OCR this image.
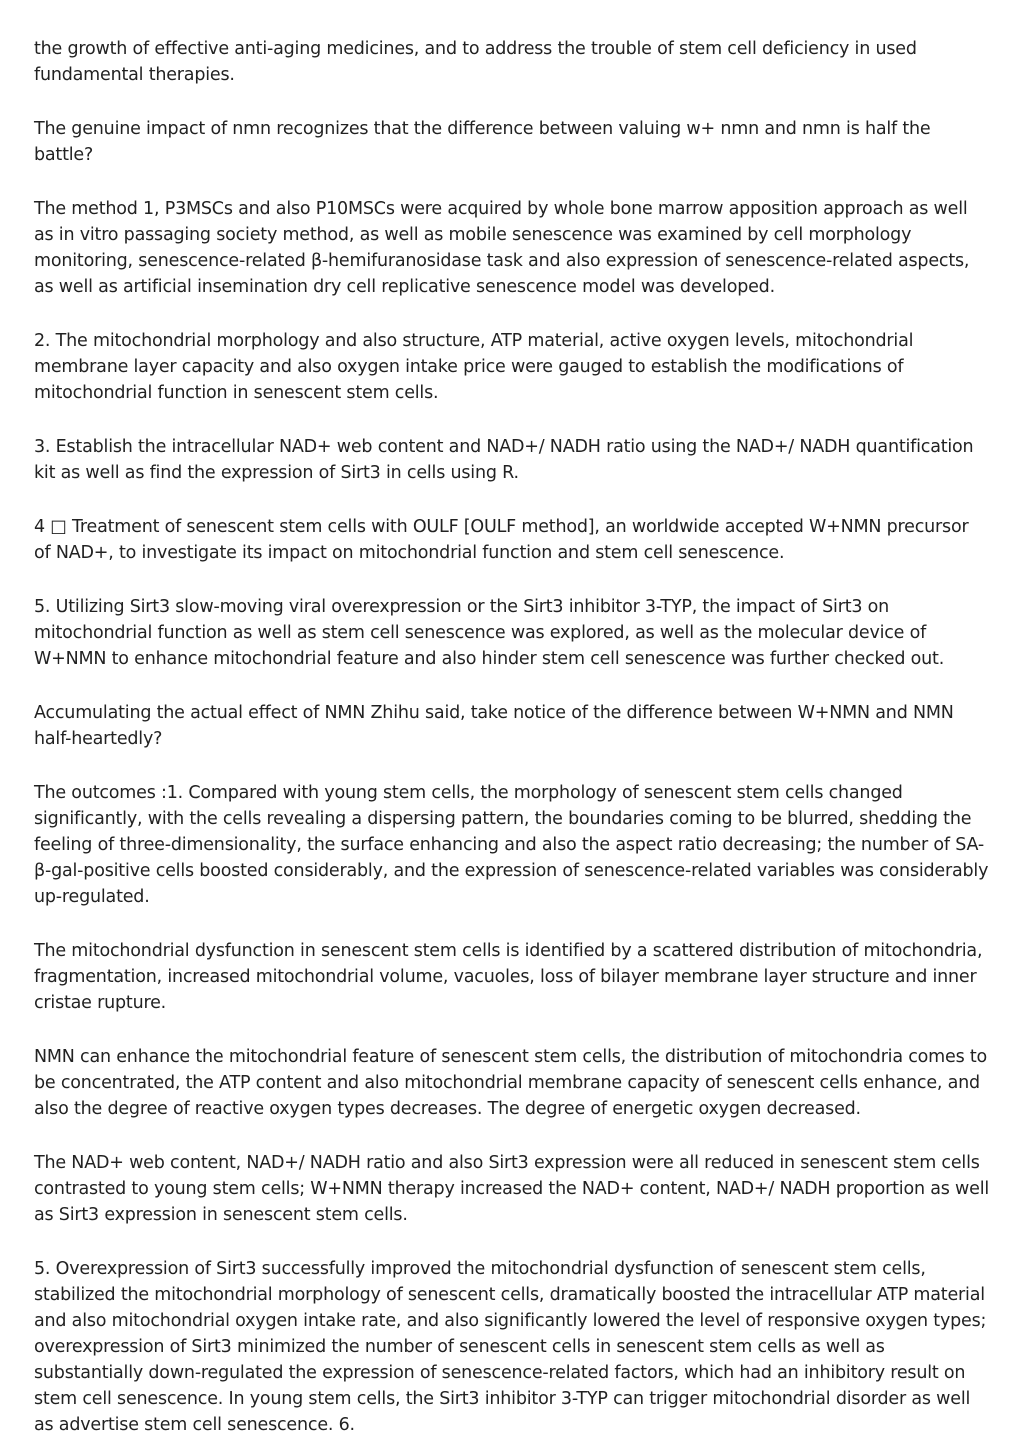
the growth of effective anti-aging medicines, and to address the trouble of stem cell deficiency in used fundamental therapies.

The genuine impact of nmn recognizes that the difference between valuing w+ nmn and nmn is half the battle?

The method 1, P3MSCs and also P10MSCs were acquired by whole bone marrow apposition approach as well as in vitro passaging society method, as well as mobile senescence was examined by cell morphology monitoring, senescence-related β-hemifuranosidase task and also expression of senescence-related aspects, as well as artificial insemination dry cell replicative senescence model was developed.

2. The mitochondrial morphology and also structure, ATP material, active oxygen levels, mitochondrial membrane layer capacity and also oxygen intake price were gauged to establish the modifications of mitochondrial function in senescent stem cells.

3. Establish the intracellular NAD+ web content and NAD+/ NADH ratio using the NAD+/ NADH quantification kit as well as find the expression of Sirt3 in cells using R.

4 □ Treatment of senescent stem cells with OULF [OULF method], an worldwide accepted W+NMN precursor of NAD+, to investigate its impact on mitochondrial function and stem cell senescence.

5. Utilizing Sirt3 slow-moving viral overexpression or the Sirt3 inhibitor 3-TYP, the impact of Sirt3 on mitochondrial function as well as stem cell senescence was explored, as well as the molecular device of W+NMN to enhance mitochondrial feature and also hinder stem cell senescence was further checked out.

Accumulating the actual effect of NMN Zhihu said, take notice of the difference between W+NMN and NMN half-heartedly?

The outcomes :1. Compared with young stem cells, the morphology of senescent stem cells changed significantly, with the cells revealing a dispersing pattern, the boundaries coming to be blurred, shedding the feeling of three-dimensionality, the surface enhancing and also the aspect ratio decreasing; the number of SA-β-gal-positive cells boosted considerably, and the expression of senescence-related variables was considerably up-regulated.

The mitochondrial dysfunction in senescent stem cells is identified by a scattered distribution of mitochondria, fragmentation, increased mitochondrial volume, vacuoles, loss of bilayer membrane layer structure and inner cristae rupture.

NMN can enhance the mitochondrial feature of senescent stem cells, the distribution of mitochondria comes to be concentrated, the ATP content and also mitochondrial membrane capacity of senescent cells enhance, and also the degree of reactive oxygen types decreases. The degree of energetic oxygen decreased.

The NAD+ web content, NAD+/ NADH ratio and also Sirt3 expression were all reduced in senescent stem cells contrasted to young stem cells; W+NMN therapy increased the NAD+ content, NAD+/ NADH proportion as well as Sirt3 expression in senescent stem cells.

5. Overexpression of Sirt3 successfully improved the mitochondrial dysfunction of senescent stem cells, stabilized the mitochondrial morphology of senescent cells, dramatically boosted the intracellular ATP material and also mitochondrial oxygen intake rate, and also significantly lowered the level of responsive oxygen types; overexpression of Sirt3 minimized the number of senescent cells in senescent stem cells as well as substantially down-regulated the expression of senescence-related factors, which had an inhibitory result on stem cell senescence. In young stem cells, the Sirt3 inhibitor 3-TYP can trigger mitochondrial disorder as well as advertise stem cell senescence. 6.
